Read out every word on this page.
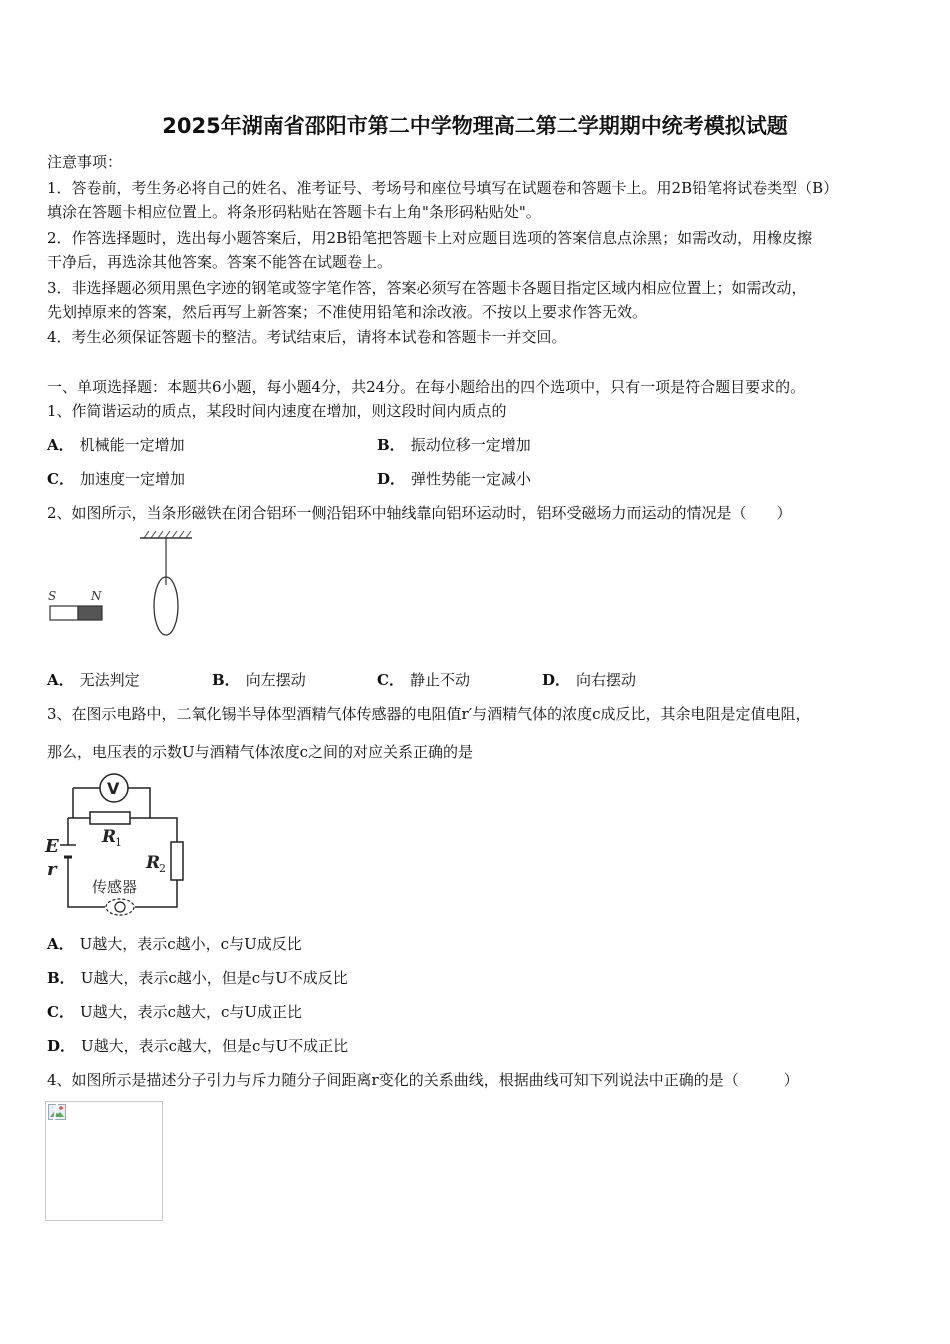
2025年湖南省邵阳市第二中学物理高二第二学期期中统考模拟试题
注意事项：
1．答卷前，考生务必将自己的姓名、准考证号、考场号和座位号填写在试题卷和答题卡上。用2B铅笔将试卷类型（B）
填涂在答题卡相应位置上。将条形码粘贴在答题卡右上角"条形码粘贴处"。
2．作答选择题时，选出每小题答案后，用2B铅笔把答题卡上对应题目选项的答案信息点涂黑；如需改动，用橡皮擦
干净后，再选涂其他答案。答案不能答在试题卷上。
3．非选择题必须用黑色字迹的钢笔或签字笔作答，答案必须写在答题卡各题目指定区域内相应位置上；如需改动，
先划掉原来的答案，然后再写上新答案；不准使用铅笔和涂改液。不按以上要求作答无效。
4．考生必须保证答题卡的整洁。考试结束后，请将本试卷和答题卡一并交回。
一、单项选择题：本题共6小题，每小题4分，共24分。在每小题给出的四个选项中，只有一项是符合题目要求的。
1、作简谐运动的质点，某段时间内速度在增加，则这段时间内质点的
A． 机械能一定增加	B． 振动位移一定增加
C． 加速度一定增加	D． 弹性势能一定减小
2、如图所示，当条形磁铁在闭合铝环一侧沿铝环中轴线靠向铝环运动时，铝环受磁场力而运动的情况是（　　）
S	N
A． 无法判定	B． 向左摆动	C． 静止不动	D． 向右摆动
3、在图示电路中，二氧化锡半导体型酒精气体传感器的电阻值r′与酒精气体的浓度c成反比，其余电阻是定值电阻，
那么，电压表的示数U与酒精气体浓度c之间的对应关系正确的是
V
R
1
R
2
E
r
传感器
A． U越大，表示c越小，c与U成反比
B． U越大，表示c越小，但是c与U不成反比
C． U越大，表示c越大，c与U成正比
D． U越大，表示c越大，但是c与U不成正比
4、如图所示是描述分子引力与斥力随分子间距离r变化的关系曲线，根据曲线可知下列说法中正确的是（　　　）
